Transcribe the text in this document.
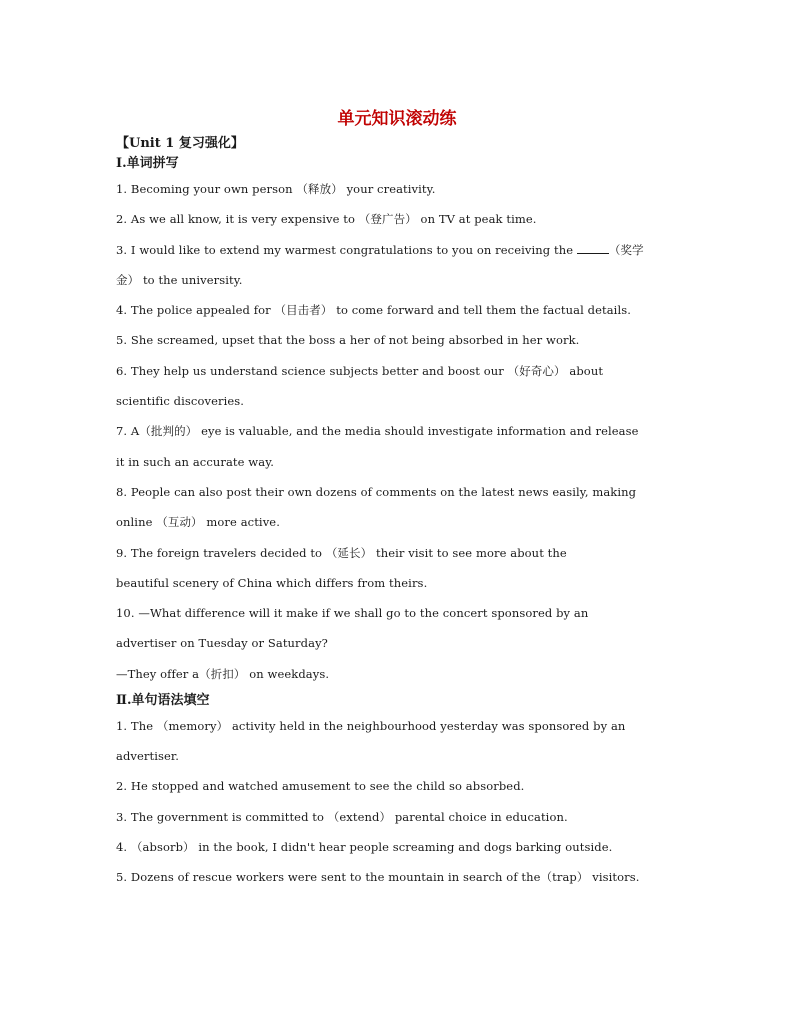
单元知识滚动练
【Unit 1 复习强化】
Ⅰ.单词拼写
1. Becoming your own person （释放） your creativity.
2. As we all know, it is very expensive to （登广告） on TV at peak time.
3. I would like to extend my warmest congratulations to you on receiving the	（奖学
金） to the university.
4. The police appealed for （目击者） to come forward and tell them the factual details.
5. She screamed, upset that the boss a her of not being absorbed in her work.
6. They help us understand science subjects better and boost our （好奇心） about
scientific discoveries.
7. A（批判的） eye is valuable, and the media should investigate information and release
it in such an accurate way.
8. People can also post their own dozens of comments on the latest news easily, making
online （互动） more active.
9. The foreign travelers decided to （延长） their visit to see more about the
beautiful scenery of China which differs from theirs.
10. —What difference will it make if we shall go to the concert sponsored by an
advertiser on Tuesday or Saturday?
—They offer a（折扣） on weekdays.
Ⅱ.单句语法填空
1. The （memory） activity held in the neighbourhood yesterday was sponsored by an
advertiser.
2. He stopped and watched amusement to see the child so absorbed.
3. The government is committed to （extend） parental choice in education.
4. （absorb） in the book, I didn't hear people screaming and dogs barking outside.
5. Dozens of rescue workers were sent to the mountain in search of the（trap） visitors.
